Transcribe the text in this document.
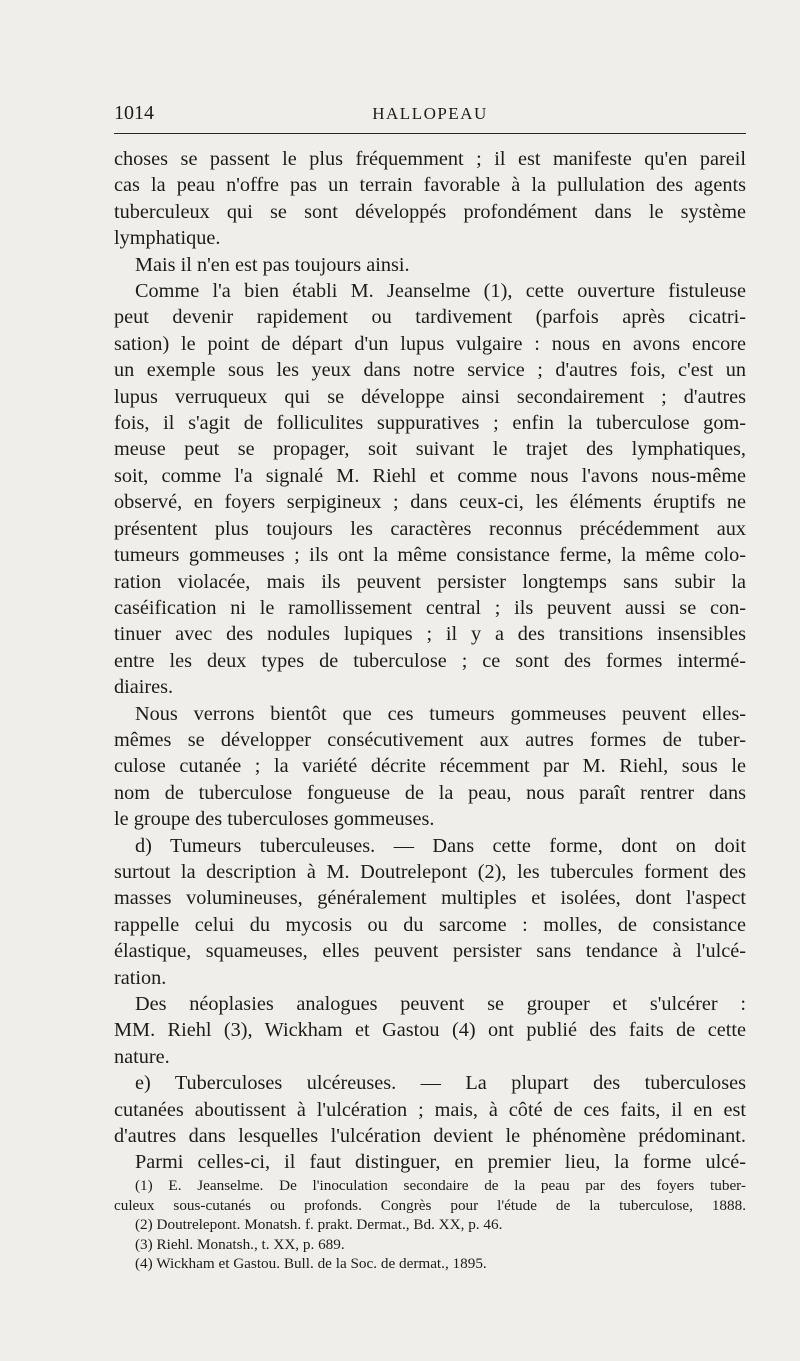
1014	HALLOPEAU
choses se passent le plus fréquemment ; il est manifeste qu'en pareil
cas la peau n'offre pas un terrain favorable à la pullulation des agents
tuberculeux qui se sont développés profondément dans le système
lymphatique.
Mais il n'en est pas toujours ainsi.
Comme l'a bien établi M. Jeanselme (1), cette ouverture fistuleuse
peut devenir rapidement ou tardivement (parfois après cicatri-
sation) le point de départ d'un lupus vulgaire : nous en avons encore
un exemple sous les yeux dans notre service ; d'autres fois, c'est un
lupus verruqueux qui se développe ainsi secondairement ; d'autres
fois, il s'agit de folliculites suppuratives ; enfin la tuberculose gom-
meuse peut se propager, soit suivant le trajet des lymphatiques,
soit, comme l'a signalé M. Riehl et comme nous l'avons nous-même
observé, en foyers serpigineux ; dans ceux-ci, les éléments éruptifs ne
présentent plus toujours les caractères reconnus précédemment aux
tumeurs gommeuses ; ils ont la même consistance ferme, la même colo-
ration violacée, mais ils peuvent persister longtemps sans subir la
caséification ni le ramollissement central ; ils peuvent aussi se con-
tinuer avec des nodules lupiques ; il y a des transitions insensibles
entre les deux types de tuberculose ; ce sont des formes intermé-
diaires.
Nous verrons bientôt que ces tumeurs gommeuses peuvent elles-
mêmes se développer consécutivement aux autres formes de tuber-
culose cutanée ; la variété décrite récemment par M. Riehl, sous le
nom de tuberculose fongueuse de la peau, nous paraît rentrer dans
le groupe des tuberculoses gommeuses.
d) Tumeurs tuberculeuses. — Dans cette forme, dont on doit
surtout la description à M. Doutrelepont (2), les tubercules forment des
masses volumineuses, généralement multiples et isolées, dont l'aspect
rappelle celui du mycosis ou du sarcome : molles, de consistance
élastique, squameuses, elles peuvent persister sans tendance à l'ulcé-
ration.
Des néoplasies analogues peuvent se grouper et s'ulcérer :
MM. Riehl (3), Wickham et Gastou (4) ont publié des faits de cette
nature.
e) Tuberculoses ulcéreuses. — La plupart des tuberculoses
cutanées aboutissent à l'ulcération ; mais, à côté de ces faits, il en est
d'autres dans lesquelles l'ulcération devient le phénomène prédominant.
Parmi celles-ci, il faut distinguer, en premier lieu, la forme ulcé-
(1) E. Jeanselme. De l'inoculation secondaire de la peau par des foyers tuber-
culeux sous-cutanés ou profonds. Congrès pour l'étude de la tuberculose, 1888.
(2) Doutrelepont. Monatsh. f. prakt. Dermat., Bd. XX, p. 46.
(3) Riehl. Monatsh., t. XX, p. 689.
(4) Wickham et Gastou. Bull. de la Soc. de dermat., 1895.
